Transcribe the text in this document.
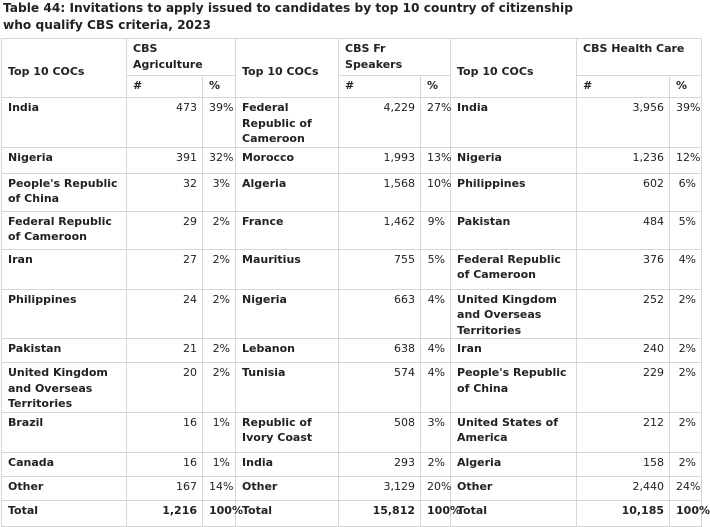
Table 44: Invitations to apply issued to candidates by top 10 country of citizenship who qualify CBS criteria, 2023
Top 10 COCs	CBS Agriculture		Top 10 COCs	CBS Fr Speakers		Top 10 COCs	CBS Health Care	
	#	%		#	%		#	%
India	473	39%	Federal Republic of Cameroon	4,229	27%	India	3,956	39%
Nigeria	391	32%	Morocco	1,993	13%	Nigeria	1,236	12%
People's Republic of China	32	3%	Algeria	1,568	10%	Philippines	602	6%
Federal Republic of Cameroon	29	2%	France	1,462	9%	Pakistan	484	5%
Iran	27	2%	Mauritius	755	5%	Federal Republic of Cameroon	376	4%
Philippines	24	2%	Nigeria	663	4%	United Kingdom and Overseas Territories	252	2%
Pakistan	21	2%	Lebanon	638	4%	Iran	240	2%
United Kingdom and Overseas Territories	20	2%	Tunisia	574	4%	People's Republic of China	229	2%
Brazil	16	1%	Republic of Ivory Coast	508	3%	United States of America	212	2%
Canada	16	1%	India	293	2%	Algeria	158	2%
Other	167	14%	Other	3,129	20%	Other	2,440	24%
Total	1,216	100%	Total	15,812	100%	Total	10,185	100%
